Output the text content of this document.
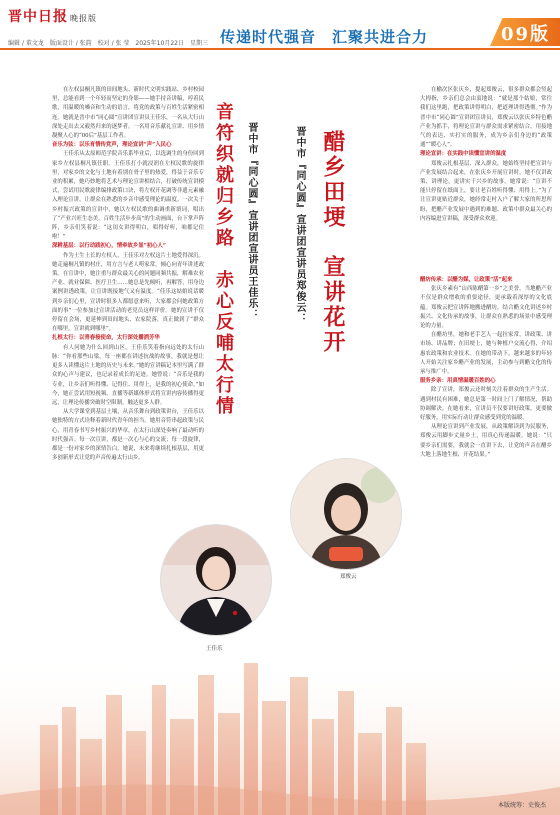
晋中日报 晚报版
编辑 / 董文龙　版面设计 / 张韵　校对 / 张 莹　2025年10月22日　星期三 传递时代强音　汇聚共进合力	09版

在左权县桐凡镇的田间地头、新时代文明实践站、乡村校园里，总能看到一个年轻而坚定的身影——她手持音讲稿，哼着民歌，用温暖的嗓音和生动的语言，将党的政策与百姓生活紧密相连。她就是晋中市“同心圆”宣讲团宣讲员王佳乐，一名从大行山深处走出去又毅然归来的逐梦者。一名用音乐献礼宣讲、用乡情凝聚人心的“00后”基层工作者。

音乐为弦：以乐育情传党声，理论宣讲“声”入民心

王佳乐从太原师范学院音乐系毕业后，以选调生的身份回到家乡左权县桐凡镇任职。王佳乐打小就浸润在左权民歌的旋律里，对家乡的文化与土地有着别在骨子里的热爱，得益于音乐专业的积累，她巧妙地将艺术与理论宣讲相结合，打破传统宣讲模式，尝试用民歌旋律编排政策口诀，将左权开花调等非遗元素融入理论宣讲，让群众在熟悉的乡音中感受理论的温度。一次关于乡村振兴政策的宣讲中，她以左权民歌的曲调重新填词，唱出了“产业兴旺生态美，百姓生活步步高”的生动画面，台下掌声阵阵，乡亲们笑着说：“这闺女讲得明白，唱得好听，咱都记住啦！”

深耕基层：以行动践初心，情牵故乡显“初心人”

作为土生土长的左权人，王佳乐对左权这片土地爱得深沉。她走遍桐凡镇的村庄，用方言与老人唠家常，倾心向青年讲述政策。在宣讲中，她注重与群众最关心的问题同频共振，解难农业产业、就业保障、医疗卫生……她总是先倾听，再解答，用身边案例讲透政策。让宣讲既接地气又有温度。“佳乐这姑娘说话暖到乡亲们心里，宣讲时很多人都愿意来听，大家都会问她政策方面的事”一位参加过宣讲活动的老党员这样评价。她的宣讲不仅停留在会场，更延伸到田间地头、农家院落，真正做到了“群众在哪里，宣讲就到哪里”。

扎根太行：以青春接使命，太行深处播洒芳华

有人问她为什么回到山区，王佳乐笑着指向远处的太行山脉：“你看那些山梁，每一座都在讲述抗战的故事，我就是想让更多人读懂这片土地的历史与未来。”她的宣讲稿记本里写满了群众的心声与建议，也记录着成长的足迹。她曾说：“音乐是我的专业，让乡亲们听得懂、记得住、用得上，是我的初心使命。”如今，她正尝试用短视频、直播等新媒体形式将宣讲内容传播得更远，让理论传播突破时空限制，触达更多人群。

从大学课堂到基层土壤，从音乐舞台到政策讲台，王佳乐以她独特的方式诠释着新时代青年的担当。她用音符串起政策与民心，用青春书写乡村振兴的华章，在太行山深处奏响了最动听的时代强音。每一次宣讲，都是一次心与心的交流；每一段旋律，都是一份对家乡的深情告白。她说，未来将继续扎根基层，用更多创新形式让党的声音传遍太行山乡。

音符织就归乡路　赤心反哺太行情 晋中市『同心圆』宣讲团宣讲员王佳乐：	晋中市『同心圆』宣讲团宣讲员郑俊云： 醋乡田埂　宣讲花开

在榆次区张庆乡，提起郑俊云，很多群众都会竖起大拇指，乡亲们总会由衷地说：“就是那个姑娘，常往我们这里跑，把政策讲得明白，把道理讲得透彻。”作为晋中市“同心圆”宣讲团宣讲员，郑俊云以张庆乡特色醋产业为抓手，将理论宣讲与群众需求紧密结合，用接地气的表达、实打实的服务，成为乡亲们身边的“政策通”“暖心人”。

理论宣讲：在实践中读懂宣讲的温度

郑俊云扎根基层、深入群众，她始终坚持把宣讲与产业发展结合起来，在张庆乡开展宣讲时，她不仅讲政策、讲理论，更讲实干兴乡的故事。她常说：“宣讲不能只停留在纸面上，要让老百姓听得懂、用得上。”为了让宣讲更贴近群众，她经常走村入户了解大家的所思所盼，把醋产业发展中遇到的难题、政策中群众最关心的内容编进宣讲稿，深受群众欢迎。

醋坊传承：以醋为媒，让政策“活”起来

张庆乡素有“山西陈醋第一乡”之美誉，当地醋产业不仅是群众增收的重要途径，更承载着深厚的文化底蕴。郑俊云把宣讲阵地搬进醋坊，结合醋文化讲述乡村振兴、文化传承的故事，让群众在熟悉的场景中感受理论的力量。

在醋坊里，她和老手艺人一起拉家常，讲政策、讲市场、讲品牌；在田埂上，她与种植户交流心得，介绍惠农政策和农业技术。在她的带动下，越来越多的年轻人开始关注家乡醋产业的发展，主动参与到醋文化的传承与推广中。

服务乡亲：用真情温暖百姓的心

除了宣讲，郑俊云还时刻关注着群众的生产生活。遇到村民有困难，她总是第一时间上门了解情况，帮助协调解决。在她看来，宣讲员不仅要讲好政策，更要做好服务，用实际行动让群众感受到党的温暖。

从理论宣讲到产业发展，从政策解读到为民服务，郑俊云用脚步丈量乡土，用真心传递温暖。她说：“只要乡亲们需要，我就会一直讲下去，让党的声音在醋乡大地上落地生根、开花结果。”

郑俊云
王佳乐
本版统筹：史俊杰
